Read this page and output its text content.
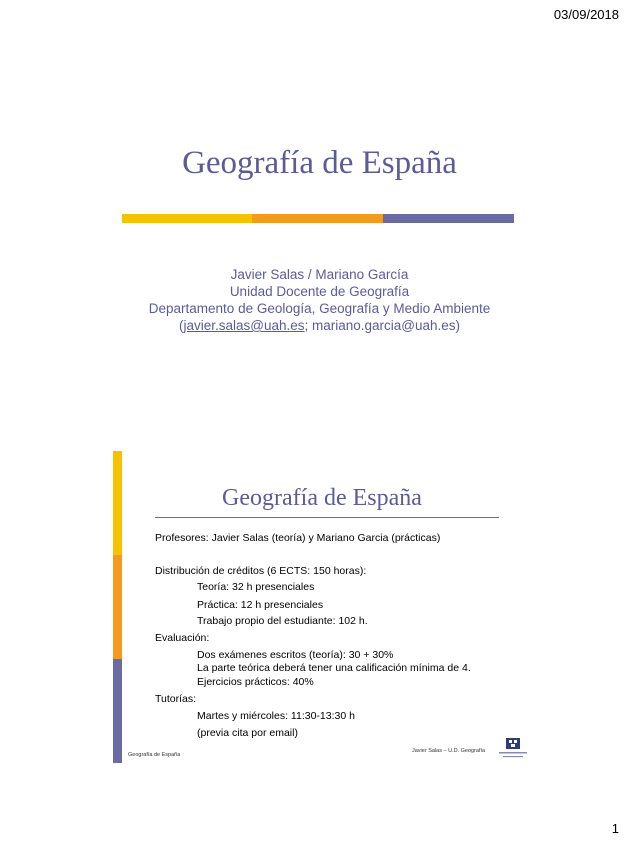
03/09/2018
Geografía de España
Javier Salas / Mariano García
Unidad Docente de Geografía
Departamento de Geología, Geografía y Medio Ambiente
(javier.salas@uah.es; mariano.garcia@uah.es)
Geografía de España
Profesores: Javier Salas (teoría) y Mariano Garcia (prácticas)
Distribución de créditos (6 ECTS: 150 horas):
Teoría: 32 h presenciales
Práctica: 12 h presenciales
Trabajo propio del estudiante: 102 h.
Evaluación:
Dos exámenes escritos (teoría): 30 + 30%
La parte teórica deberá tener una calificación mínima de 4.
Ejercicios prácticos: 40%
Tutorías:
Martes y miércoles: 11:30-13:30 h
(previa cita por email)
Geografía de España
Javier Salas – U.D. Geografía
1
